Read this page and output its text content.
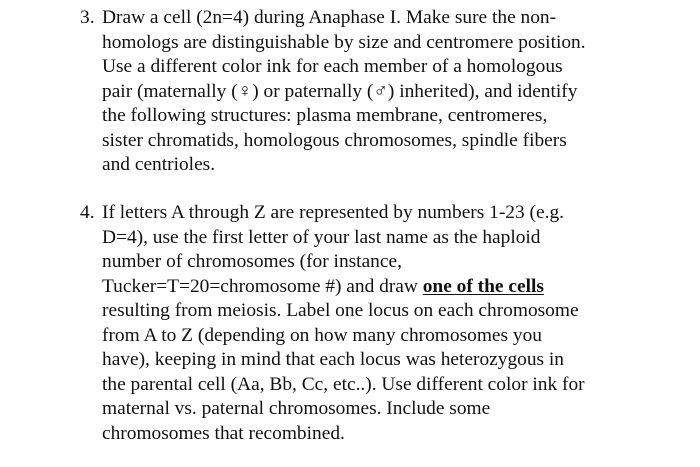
3. Draw a cell (2n=4) during Anaphase I. Make sure the non-
homologs are distinguishable by size and centromere position.
Use a different color ink for each member of a homologous
pair (maternally (♀) or paternally (♂) inherited), and identify
the following structures: plasma membrane, centromeres,
sister chromatids, homologous chromosomes, spindle fibers
and centrioles.
4. If letters A through Z are represented by numbers 1-23 (e.g.
D=4), use the first letter of your last name as the haploid
number of chromosomes (for instance,
Tucker=T=20=chromosome #) and draw one of the cells
resulting from meiosis. Label one locus on each chromosome
from A to Z (depending on how many chromosomes you
have), keeping in mind that each locus was heterozygous in
the parental cell (Aa, Bb, Cc, etc..). Use different color ink for
maternal vs. paternal chromosomes. Include some
chromosomes that recombined.
